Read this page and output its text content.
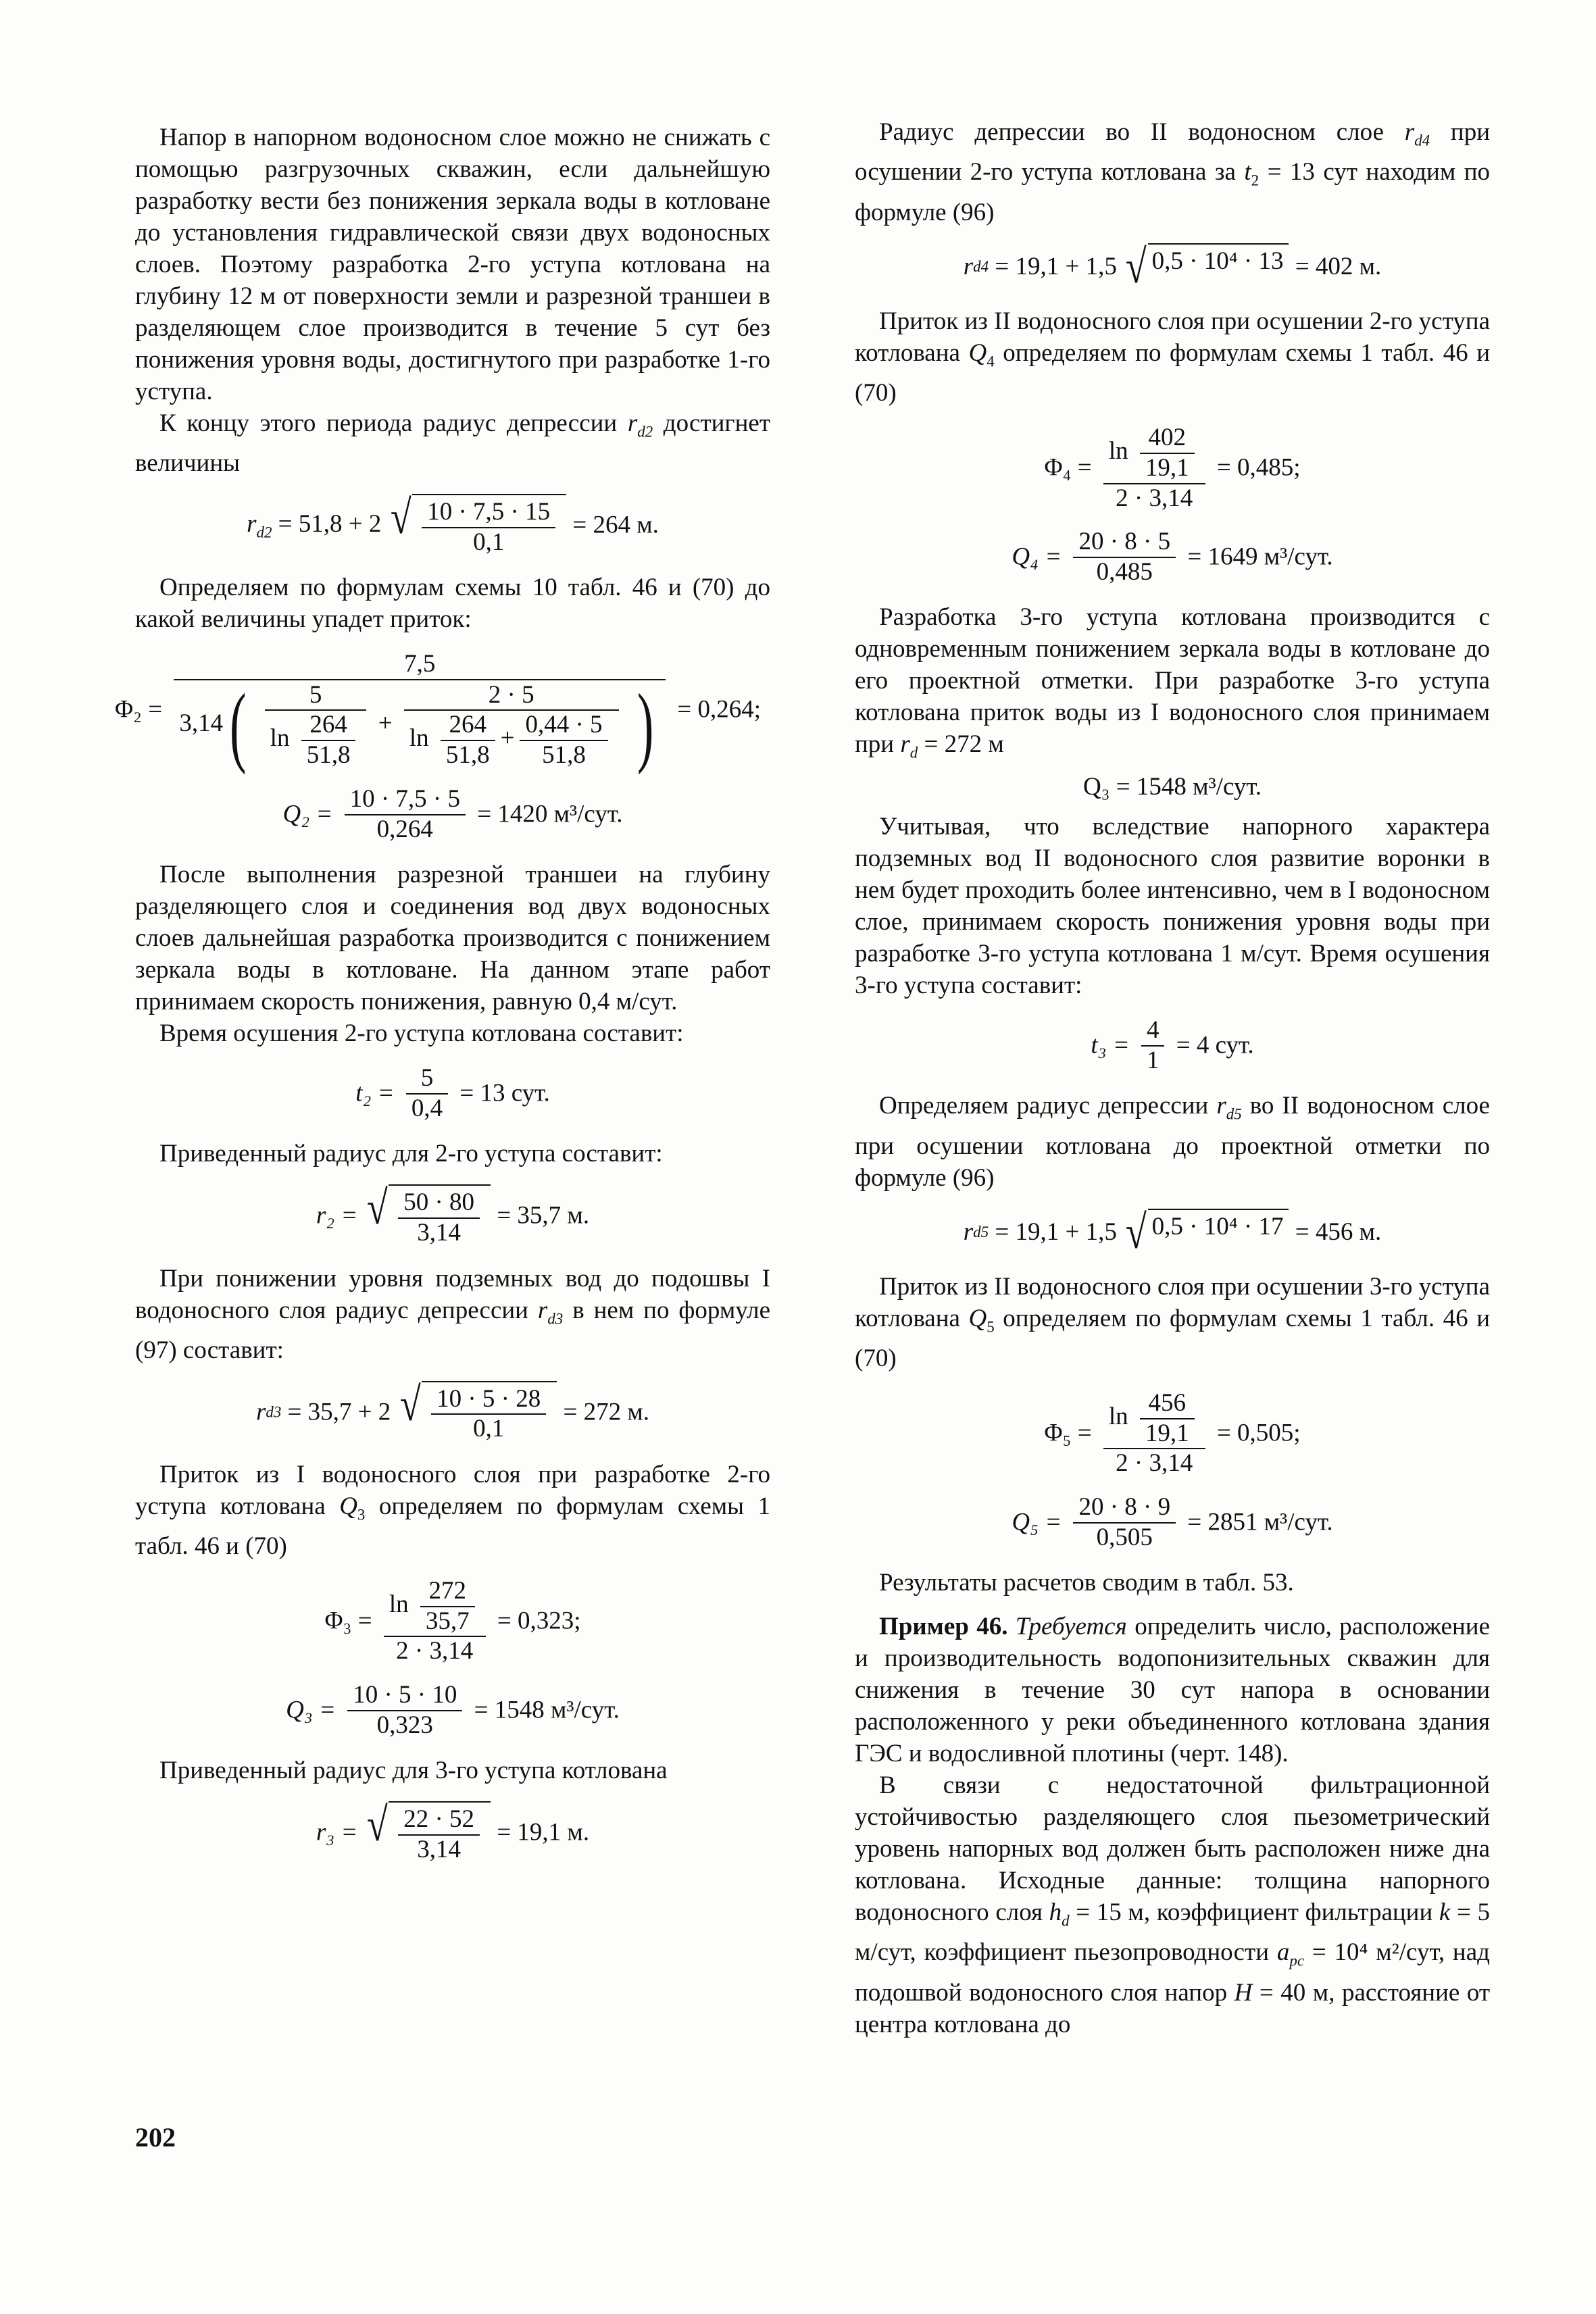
Напор в напорном водоносном слое можно не снижать с помощью разгрузочных скважин, если дальнейшую разработку вести без понижения зеркала воды в котловане до установления гидравлической связи двух водоносных слоев. Поэтому разработка 2-го уступа котлована на глубину 12 м от поверхности земли и разрезной траншеи в разделяющем слое производится в течение 5 сут без понижения уровня воды, достигнутого при разработке 1-го уступа.

К концу этого периода радиус депрессии $r_{d2}$ достигнет величины

$r_{d2} = 51,8 + 2$ √ $\frac{10 \cdot 7,5 \cdot 15}{0,1} = 264$ м.

Определяем по формулам схемы 10 табл. 46 и (70) до какой величины упадет приток:

Φ₂ =
7,5
$3,14( \frac{5}{\ln \frac{264}{51,8}} + \frac{2 \cdot 5}{\ln \frac{264}{51,8} + \frac{0,44 \cdot 5}{51,8}}$ ) = 0,264;
$Q_2 = \frac{10 \cdot 7,5 \cdot 5}{0,264} = 1420$ м³/сут.

После выполнения разрезной траншеи на глубину разделяющего слоя и соединения вод двух водоносных слоев дальнейшая разработка производится с понижением зеркала воды в котловане. На данном этапе работ принимаем скорость понижения, равную 0,4 м/сут.

Время осушения 2-го уступа котлована составит:

$t_2 = \frac{5}{0,4} = 13$ сут.

Приведенный радиус для 2-го уступа составит:

r₂ = √ $\frac{50 \cdot 80}{3,14} = 35,7$ м.

При понижении уровня подземных вод до подошвы I водоносного слоя радиус депрессии $r_{d3}$ в нем по формуле (97) составит:

rd3 = 35,7 + 2 √ $\frac{10 \cdot 5 \cdot 28}{0,1} = 272$ м.

Приток из I водоносного слоя при разработке 2-го уступа котлована $Q_3$ определяем по формулам схемы 1 табл. 46 и (70)

$\Phi_3 = \frac{\ln \frac{272}{35,7}}{2 \cdot 3,14} = 0,323$;
$Q_3 = \frac{10 \cdot 5 \cdot 10}{0,323} = 1548$ м³/сут.

Приведенный радиус для 3-го уступа котлована

r₃ = √ $\frac{22 \cdot 52}{3,14} = 19,1$ м.

Радиус депрессии во II водоносном слое $r_{d4}$ при осушении 2-го уступа котлована за $t_2 = 13$ сут находим по формуле (96)

rd4 = 19,1 + 1,5 √ 0,5 · 10⁴ · 13 = 402 м.

Приток из II водоносного слоя при осушении 2-го уступа котлована $Q_4$ определяем по формулам схемы 1 табл. 46 и (70)

$\Phi_4 = \frac{\ln \frac{402}{19,1}}{2 \cdot 3,14} = 0,485$;
$Q_4 = \frac{20 \cdot 8 \cdot 5}{0,485} = 1649$ м³/сут.

Разработка 3-го уступа котлована производится с одновременным понижением зеркала воды в котловане до его проектной отметки. При разработке 3-го уступа котлована приток воды из I водоносного слоя принимаем при $r_d = 272$ м

Q₃ = 1548 м³/сут.

Учитывая, что вследствие напорного характера подземных вод II водоносного слоя развитие воронки в нем будет проходить более интенсивно, чем в I водоносном слое, принимаем скорость понижения уровня воды при разработке 3-го уступа котлована 1 м/сут. Время осушения 3-го уступа составит:

$t_3 = \frac{4}{1} = 4$ сут.

Определяем радиус депрессии $r_{d5}$ во II водоносном слое при осушении котлована до проектной отметки по формуле (96)

rd5 = 19,1 + 1,5 √ 0,5 · 10⁴ · 17 = 456 м.

Приток из II водоносного слоя при осушении 3-го уступа котлована $Q_5$ определяем по формулам схемы 1 табл. 46 и (70)

$\Phi_5 = \frac{\ln \frac{456}{19,1}}{2 \cdot 3,14} = 0,505$;
$Q_5 = \frac{20 \cdot 8 \cdot 9}{0,505} = 2851$ м³/сут.

Результаты расчетов сводим в табл. 53.

Пример 46. Требуется определить число, расположение и производительность водопонизительных скважин для снижения в течение 30 сут напора в основании расположенного у реки объединенного котлована здания ГЭС и водосливной плотины (черт. 148).

В связи с недостаточной фильтрационной устойчивостью разделяющего слоя пьезометрический уровень напорных вод должен быть расположен ниже дна котлована. Исходные данные: толщина напорного водоносного слоя $h_d = 15$ м, коэффициент фильтрации k = 5 м/сут, коэффициент пьезопроводности $a_{pc} = 10^4$ м²/сут, над подошвой водоносного слоя напор H = 40 м, расстояние от центра котлована до

202
